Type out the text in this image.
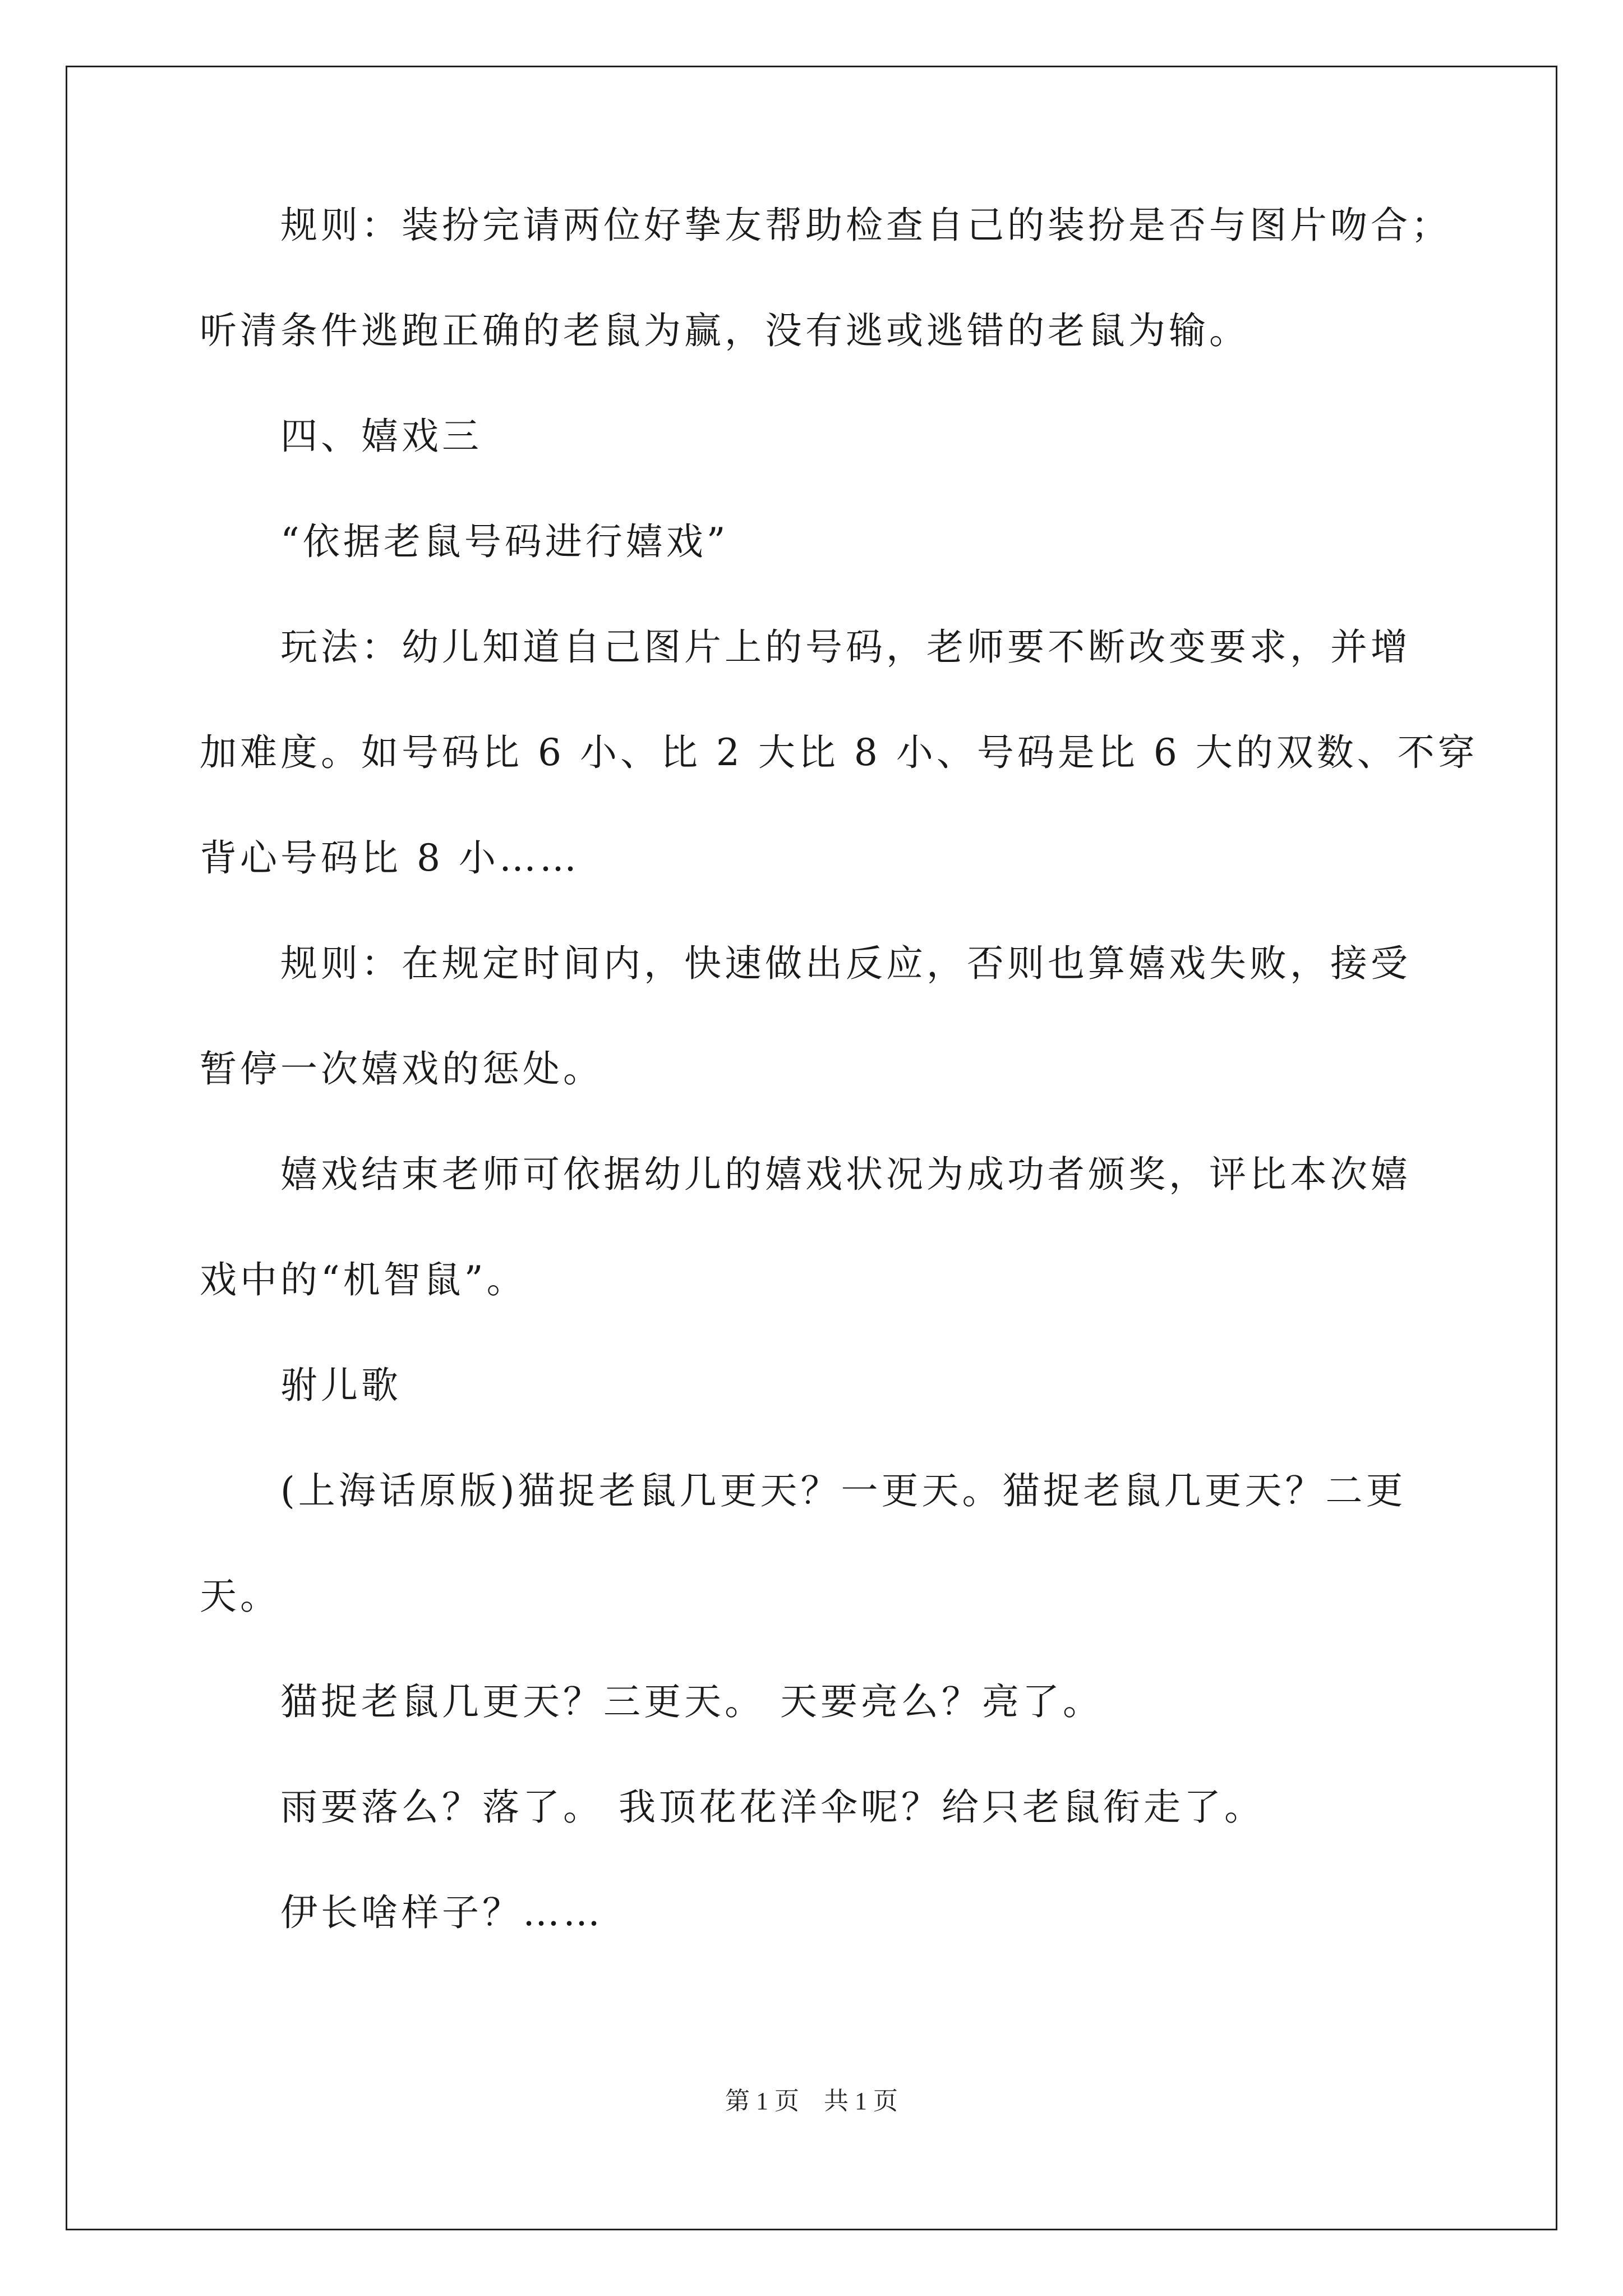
规则：装扮完请两位好挚友帮助检查自己的装扮是否与图片吻合；
听清条件逃跑正确的老鼠为赢，没有逃或逃错的老鼠为输。
四、嬉戏三
“依据老鼠号码进行嬉戏”
玩法：幼儿知道自己图片上的号码，老师要不断改变要求，并增
加难度。如号码比 6 小、比 2 大比 8 小、号码是比 6 大的双数、不穿
背心号码比 8 小……
规则：在规定时间内，快速做出反应，否则也算嬉戏失败，接受
暂停一次嬉戏的惩处。
嬉戏结束老师可依据幼儿的嬉戏状况为成功者颁奖，评比本次嬉
戏中的“机智鼠”。
驸儿歌
(上海话原版)猫捉老鼠几更天？一更天。猫捉老鼠几更天？二更
天。
猫捉老鼠几更天？三更天。 天要亮么？亮了。
雨要落么？落了。 我顶花花洋伞呢？给只老鼠衔走了。
伊长啥样子？……
第 1 页　共 1 页
